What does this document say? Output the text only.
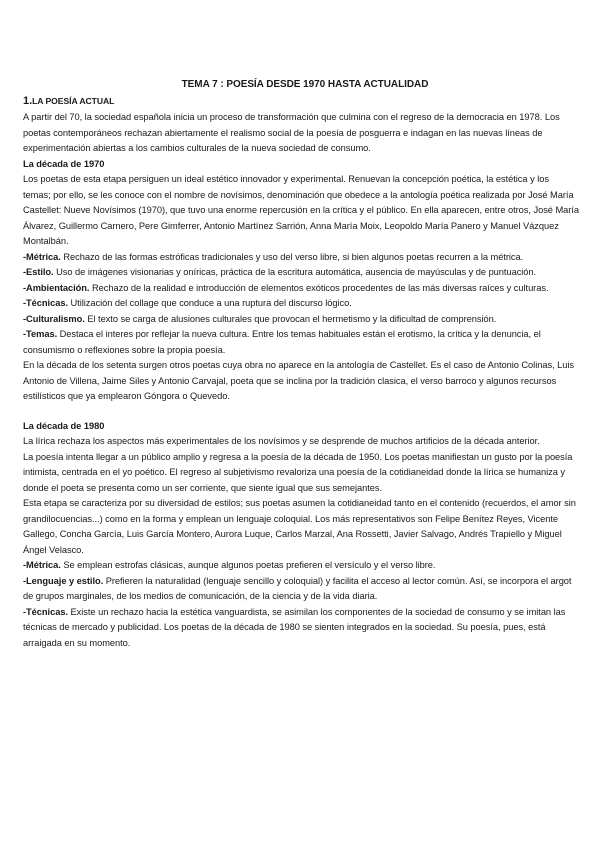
TEMA 7 : POESÍA DESDE 1970 HASTA ACTUALIDAD
1.LA POESÍA ACTUAL

A partir del 70, la sociedad española inicia un proceso de transformación que culmina con el regreso de la democracia en 1978. Los poetas contemporáneos rechazan abiertamente el realismo social de la poesía de posguerra e indagan en las nuevas líneas de experimentación abiertas a los cambios culturales de la nueva sociedad de consumo.

La década de 1970

Los poetas de esta etapa persiguen un ideal estético innovador y experimental. Renuevan la concepción poética, la estética y los temas; por ello, se les conoce con el nombre de novísimos, denominación que obedece a la antología poética realizada por José María Castellet: Nueve Novísimos (1970), que tuvo una enorme repercusión en la crítica y el público. En ella aparecen, entre otros, José María Álvarez, Guillermo Carnero, Pere Gimferrer, Antonio Martínez Sarrión, Anna María Moix, Leopoldo María Panero y Manuel Vázquez Montalbán.

-Métrica. Rechazo de las formas estróficas tradicionales y uso del verso libre, si bien algunos poetas recurren a la métrica.

-Estilo. Uso de imágenes visionarias y oníricas, práctica de la escritura automática, ausencia de mayúsculas y de puntuación.

-Ambientación. Rechazo de la realidad e introducción de elementos exóticos procedentes de las más diversas raíces y culturas.

-Técnicas. Utilización del collage que conduce a una ruptura del discurso lógico.

-Culturalismo. El texto se carga de alusiones culturales que provocan el hermetismo y la dificultad de comprensión.

-Temas. Destaca el interes por reflejar la nueva cultura. Entre los temas habituales están el erotismo, la crítica y la denuncia, el consumismo o reflexiones sobre la propia poesía.

En la década de los setenta surgen otros poetas cuya obra no aparece en la antología de Castellet. Es el caso de Antonio Colinas, Luis Antonio de Villena, Jaime Siles y Antonio Carvajal, poeta que se inclina por la tradición clasica, el verso barroco y algunos recursos estilísticos que ya emplearon Góngora o Quevedo.

La década de 1980

La lírica rechaza los aspectos más experimentales de los novísimos y se desprende de muchos artificios de la década anterior.

La poesía intenta llegar a un público amplio y regresa a la poesía de la década de 1950. Los poetas manifiestan un gusto por la poesía intimista, centrada en el yo poético. El regreso al subjetivismo revaloriza una poesía de la cotidianeidad donde la lírica se humaniza y donde el poeta se presenta como un ser corriente, que siente igual que sus semejantes.

Esta etapa se caracteriza por su diversidad de estilos; sus poetas asumen la cotidianeidad tanto en el contenido (recuerdos, el amor sin grandilocuencias...) como en la forma y emplean un lenguaje coloquial. Los más representativos son Felipe Benítez Reyes, Vicente Gallego, Concha García, Luis García Montero, Aurora Luque, Carlos Marzal, Ana Rossetti, Javier Salvago, Andrés Trapiello y Miguel Ángel Velasco.

-Métrica. Se emplean estrofas clásicas, aunque algunos poetas prefieren el versículo y el verso libre.

-Lenguaje y estilo. Prefieren la naturalidad (lenguaje sencillo y coloquial) y facilita el acceso al lector común. Así, se incorpora el argot de grupos marginales, de los medios de comunicación, de la ciencia y de la vida diaria.

-Técnicas. Existe un rechazo hacia la estética vanguardista, se asimilan los componentes de la sociedad de consumo y se imitan las técnicas de mercado y publicidad. Los poetas de la década de 1980 se sienten integrados en la sociedad. Su poesía, pues, está arraigada en su momento.
